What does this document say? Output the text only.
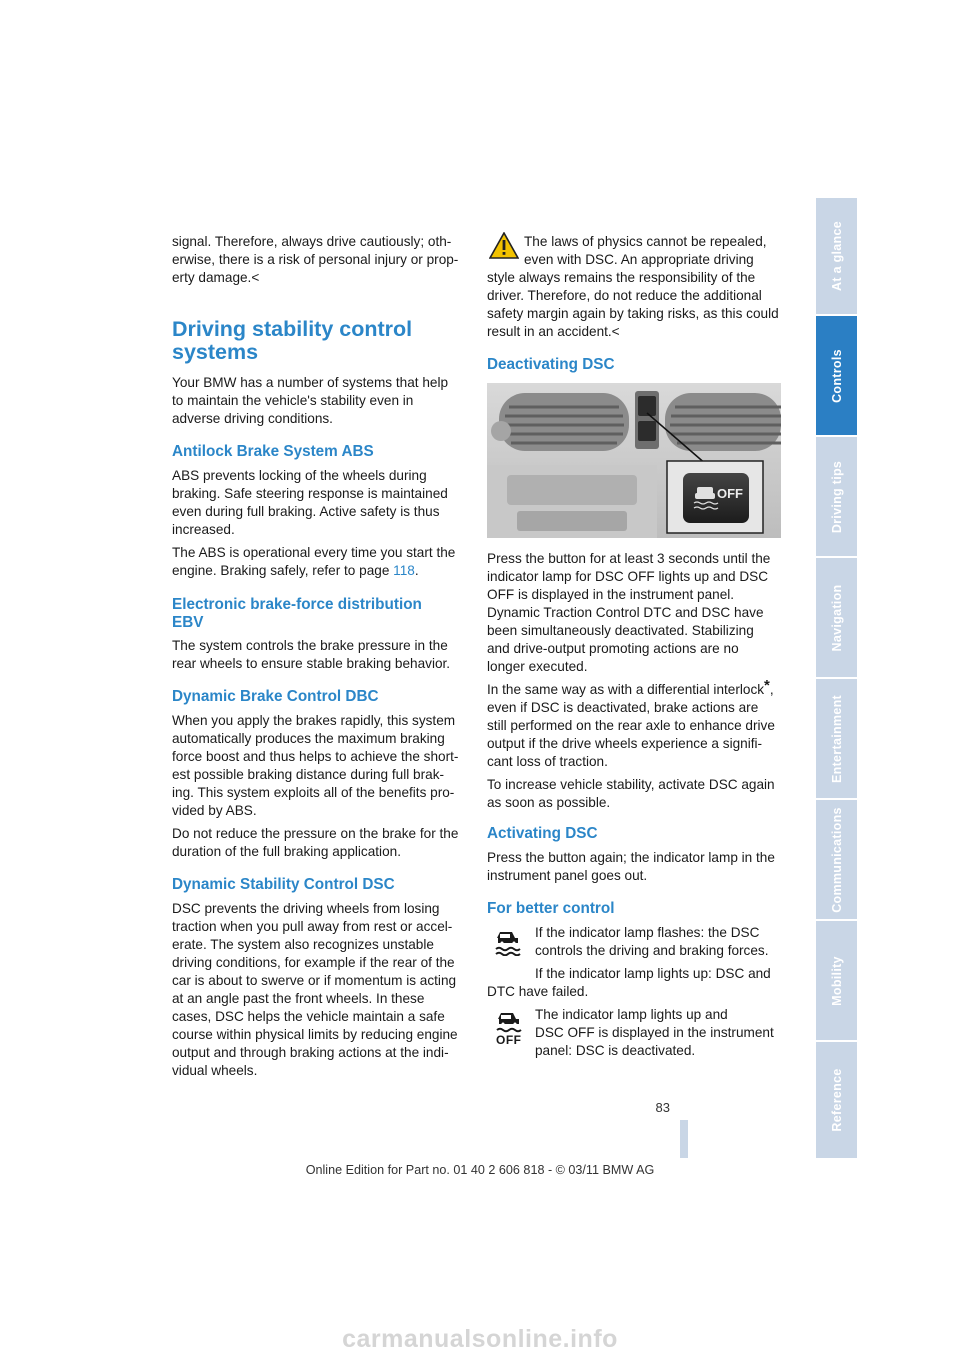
signal. Therefore, always drive cautiously; oth-

erwise, there is a risk of personal injury or prop-

erty damage.<

Driving stability control
systems

Your BMW has a number of systems that help

to maintain the vehicle's stability even in

adverse driving conditions.

Antilock Brake System ABS

ABS prevents locking of the wheels during

braking. Safe steering response is maintained

even during full braking. Active safety is thus

increased.

The ABS is operational every time you start the

engine. Braking safely, refer to page 118.

Electronic brake-force distribution
EBV

The system controls the brake pressure in the

rear wheels to ensure stable braking behavior.

Dynamic Brake Control DBC

When you apply the brakes rapidly, this system

automatically produces the maximum braking

force boost and thus helps to achieve the short-

est possible braking distance during full brak-

ing. This system exploits all of the benefits pro-

vided by ABS.

Do not reduce the pressure on the brake for the

duration of the full braking application.

Dynamic Stability Control DSC

DSC prevents the driving wheels from losing

traction when you pull away from rest or accel-

erate. The system also recognizes unstable

driving conditions, for example if the rear of the

car is about to swerve or if momentum is acting

at an angle past the front wheels. In these

cases, DSC helps the vehicle maintain a safe

course within physical limits by reducing engine

output and through braking actions at the indi-

vidual wheels.

The laws of physics cannot be repealed,

even with DSC. An appropriate driving

style always remains the responsibility of the

driver. Therefore, do not reduce the additional

safety margin again by taking risks, as this could

result in an accident.<

Deactivating DSC
OFF

Press the button for at least 3 seconds until the

indicator lamp for DSC OFF lights up and DSC

OFF is displayed in the instrument panel.

Dynamic Traction Control DTC and DSC have

been simultaneously deactivated. Stabilizing

and drive-output promoting actions are no

longer executed.

In the same way as with a differential interlock*,

even if DSC is deactivated, brake actions are

still performed on the rear axle to enhance drive

output if the drive wheels experience a signifi-

cant loss of traction.

To increase vehicle stability, activate DSC again

as soon as possible.

Activating DSC

Press the button again; the indicator lamp in the

instrument panel goes out.

For better control

If the indicator lamp flashes: the DSC

controls the driving and braking forces.

If the indicator lamp lights up: DSC and

DTC have failed.

OFF

The indicator lamp lights up and

DSC OFF is displayed in the instrument

panel: DSC is deactivated.

At a glance
Controls
Driving tips
Navigation
Entertainment
Communications
Mobility
Reference
83
Online Edition for Part no. 01 40 2 606 818 - © 03/11 BMW AG
carmanualsonline.info
